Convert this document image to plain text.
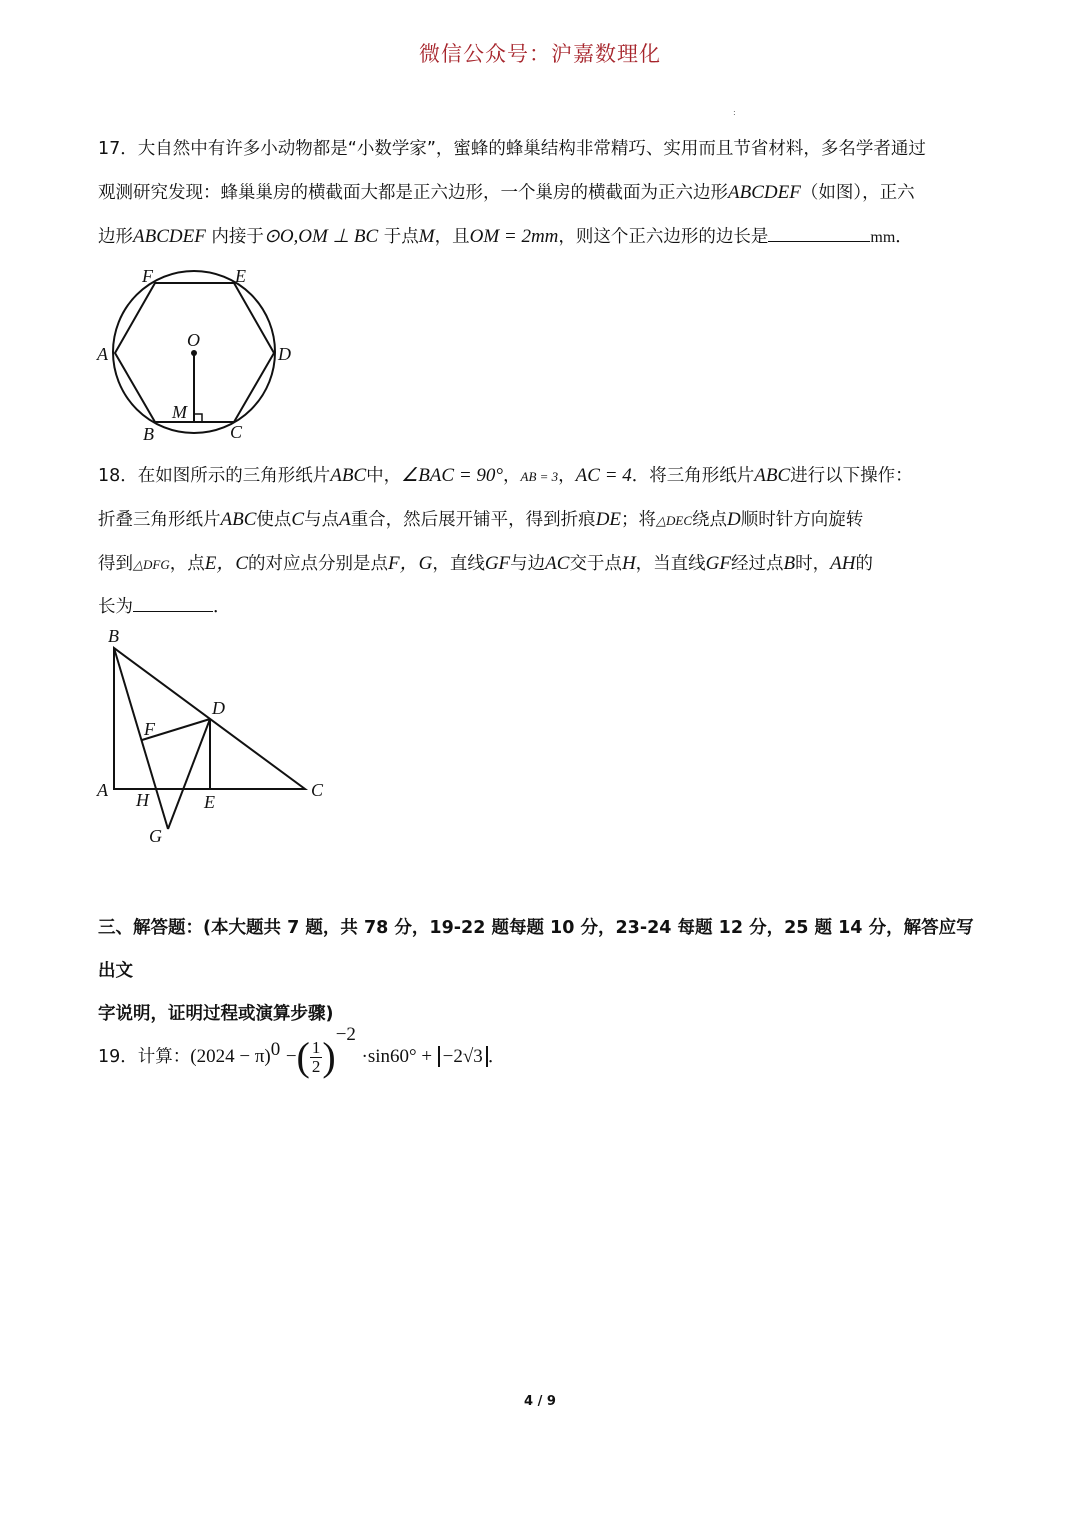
微信公众号：沪嘉数理化
:
17．大自然中有许多小动物都是“小数学家”，蜜蜂的蜂巢结构非常精巧、实用而且节省材料，多名学者通过
观测研究发现：蜂巢巢房的横截面大都是正六边形，一个巢房的横截面为正六边形ABCDEF（如图），正六
边形ABCDEF 内接于⊙O,OM ⊥ BC 于点M，且OM = 2mm，则这个正六边形的边长是	mm．
F	E
O
A	D
M
B	C
18．在如图所示的三角形纸片ABC中，∠BAC = 90°，AB = 3，AC = 4．将三角形纸片ABC进行以下操作：
折叠三角形纸片ABC使点C与点A重合，然后展开铺平，得到折痕DE；将△DEC绕点D顺时针方向旋转
得到△DFG，点E，C的对应点分别是点F，G，直线GF与边AC交于点H，当直线GF经过点B时，AH的
长为	．
B
F
D
A H	E
C
G
三、解答题：(本大题共 7 题，共 78 分，19-22 题每题 10 分，23-24 每题 12 分，25 题 14 分，解答应写出文
字说明，证明过程或演算步骤)
19．计算：$(2024 - \pi)^0$ −( $\frac{1}{2} )^{-2} \cdot\sin 60^\circ + -2√3$ ．
4 / 9
